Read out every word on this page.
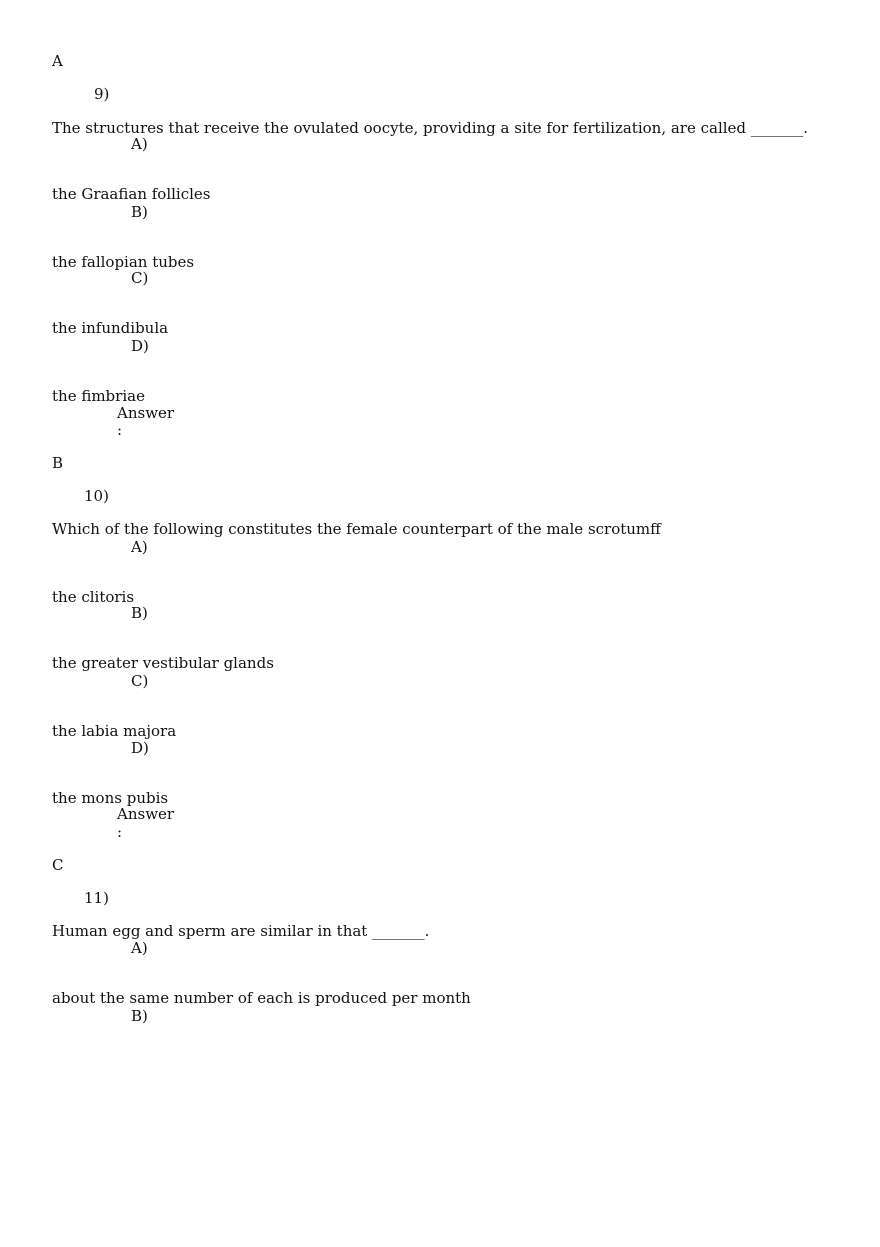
A
9)
The structures that receive the ovulated oocyte, providing a site for fertilization, are called _______.
A)
the Graafian follicles
B)
the fallopian tubes
C)
the infundibula
D)
the fimbriae
Answer
:
B
10)
Which of the following constitutes the female counterpart of the male scrotumff
A)
the clitoris
B)
the greater vestibular glands
C)
the labia majora
D)
the mons pubis
Answer
:
C
11)
Human egg and sperm are similar in that _______.
A)
about the same number of each is produced per month
B)
